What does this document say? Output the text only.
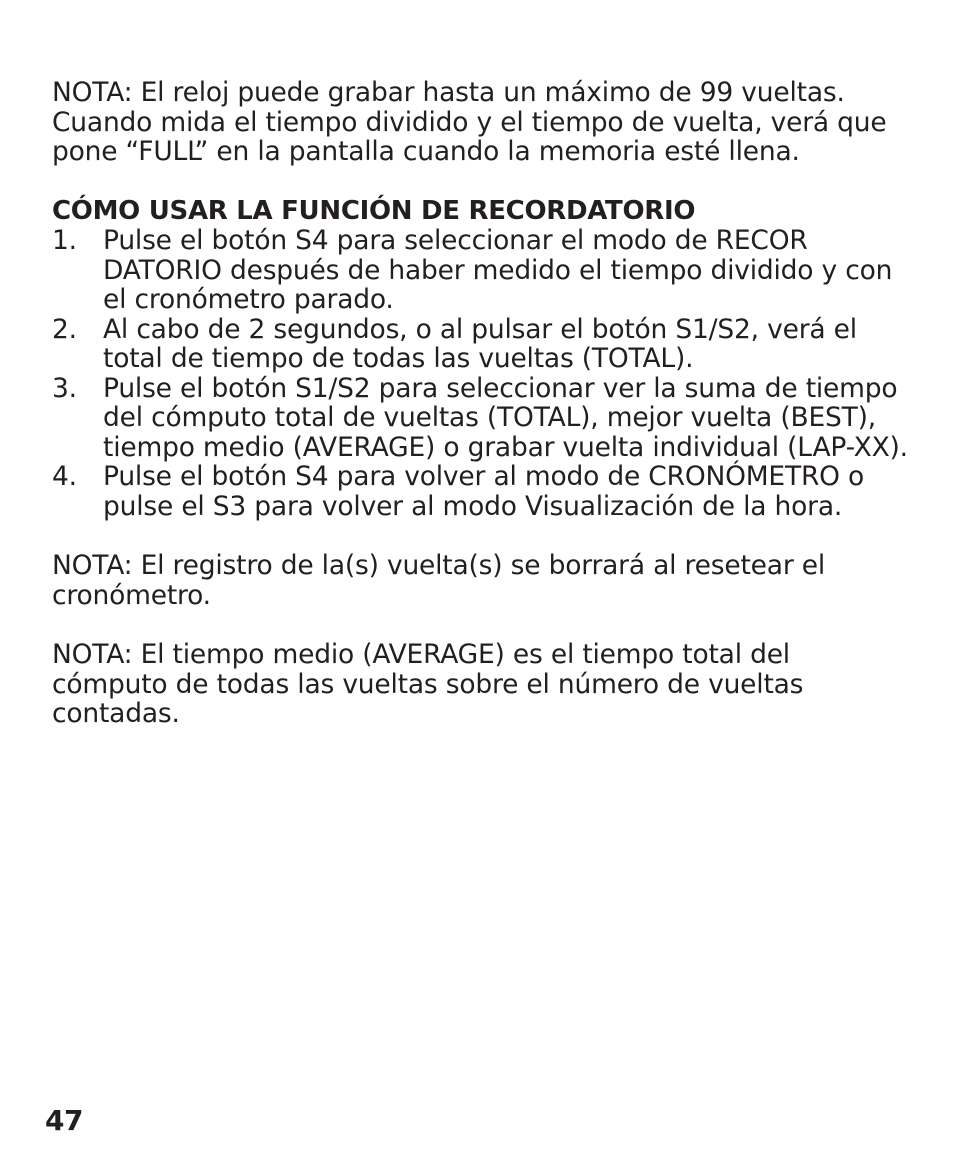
NOTA: El reloj puede grabar hasta un máximo de 99 vueltas. Cuando mida el tiempo dividido y el tiempo de vuelta, verá que pone “FULL” en la pantalla cuando la memoria esté llena.

CÓMO USAR LA FUNCIÓN DE RECORDATORIO
1. Pulse el botón S4 para seleccionar el modo de RECOR DATORIO después de haber medido el tiempo dividido y con el cronómetro parado.
2. Al cabo de 2 segundos, o al pulsar el botón S1/S2, verá el total de tiempo de todas las vueltas (TOTAL).
3. Pulse el botón S1/S2 para seleccionar ver la suma de tiempo del cómputo total de vueltas (TOTAL), mejor vuelta (BEST), tiempo medio (AVERAGE) o grabar vuelta individual (LAP-XX).
4. Pulse el botón S4 para volver al modo de CRONÓMETRO o pulse el S3 para volver al modo Visualización de la hora.

NOTA: El registro de la(s) vuelta(s) se borrará al resetear el cronómetro.

NOTA: El tiempo medio (AVERAGE) es el tiempo total del cómputo de todas las vueltas sobre el número de vueltas contadas.

47
